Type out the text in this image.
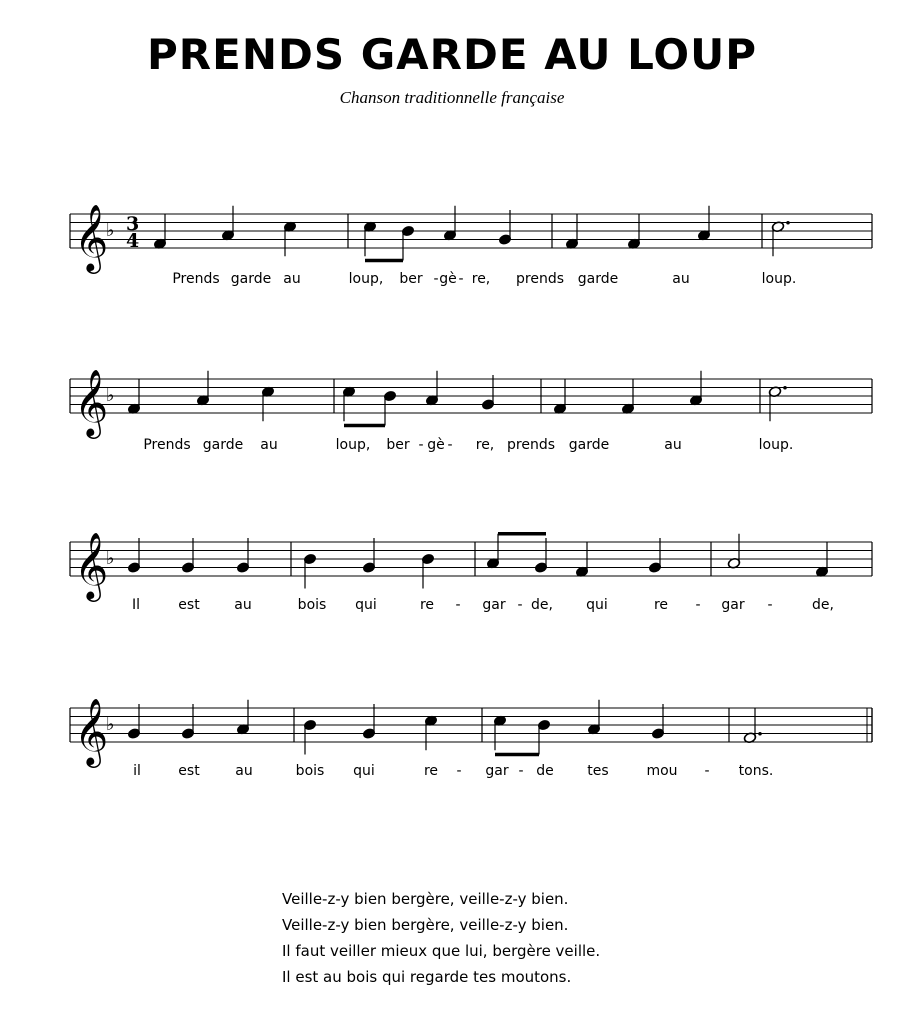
PRENDS GARDE AU LOUP
Chanson traditionnelle française
𝄞
♭ 3
4
Prends garde au	loup, ber - gè - re, prends garde	au	loup.
𝄞
♭
Prends garde au	loup, ber - gè - re, prends garde	au	loup.
𝄞
♭
Il	est au	bois qui	re - gar - de, qui	re - gar -	de,
𝄞
♭
il	est	au	bois qui	re - gar - de tes	mou - tons.
Veille-z-y bien bergère, veille-z-y bien.
Veille-z-y bien bergère, veille-z-y bien.
Il faut veiller mieux que lui, bergère veille.
Il est au bois qui regarde tes moutons.
